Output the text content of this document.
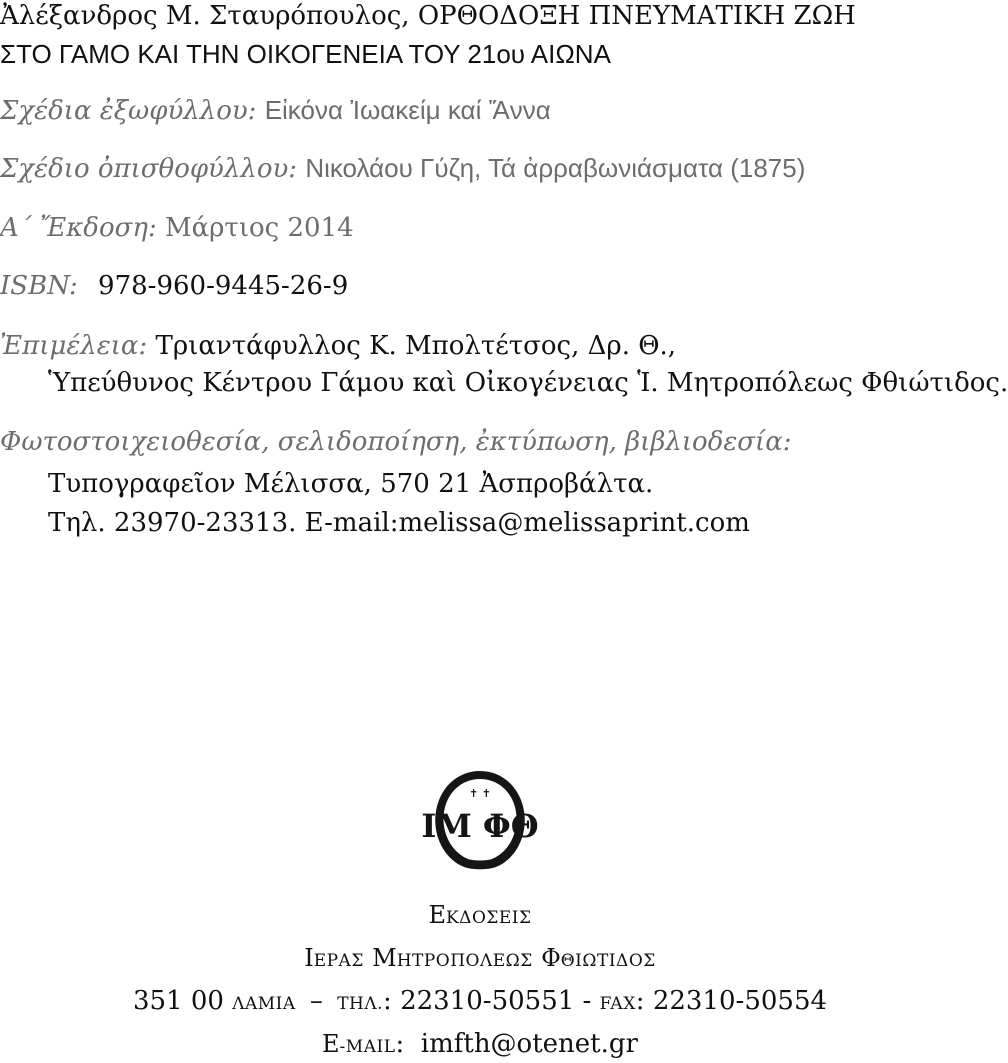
Ἀλέξανδρος Μ. Σταυρόπουλος, ΟΡΘΟΔΟΞΗ ΠΝΕΥΜΑΤΙΚΗ ΖΩΗ
ΣΤΟ ΓΑΜΟ ΚΑΙ ΤΗΝ ΟΙΚΟΓΕΝΕΙΑ ΤΟΥ 21ου ΑΙΩΝΑ
Σχέδια ἐξωφύλλου: Εἰκόνα Ἰωακείμ καί Ἄννα
Σχέδιο ὀπισθοφύλλου: Νικολάου Γύζη, Τά ἀρραβωνιάσματα (1875)
Α΄ Ἔκδοση: Μάρτιος 2014
ISBN: 978-960-9445-26-9
Ἐπιμέλεια: Τριαντάφυλλος Κ. Μπολτέτσος, Δρ. Θ.,
Ὑπεύθυνος Κέντρου Γάμου καὶ Οἰκογένειας Ἱ. Μητροπόλεως Φθιώτιδος.
Φωτοστοιχειοθεσία, σελιδοποίηση, ἐκτύπωση, βιβλιοδεσία:
Τυπογραφεῖον Μέλισσα, 570 21 Ἀσπροβάλτα.
Τηλ. 23970-23313. E-mail:melissa@melissaprint.com
✝ ✝
ΙΜ ΦΘ
ΕΚΔΟΣΕΙΣ
ΙΕΡΑΣ ΜΗΤΡΟΠΟΛΕΩΣ ΦΘΙΩΤΙΔΟΣ
351 00 ΛΑΜΙΑ – ΤΗΛ.: 22310-50551 - FAX: 22310-50554
E-MAIL:  imfth@otenet.gr
